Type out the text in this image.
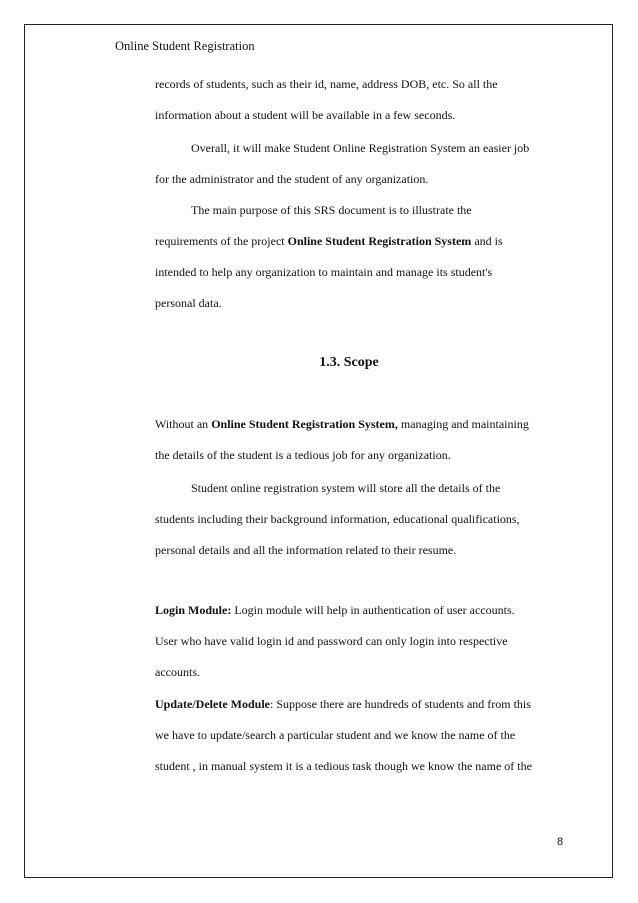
Online Student Registration
records of students, such as their id, name, address DOB, etc. So all the
information about a student will be available in a few seconds.
Overall, it will make Student Online Registration System an easier job
for the administrator and the student of any organization.
The main purpose of this SRS document is to illustrate the
requirements of the project Online Student Registration System and is
intended to help any organization to maintain and manage its student's
personal data.
1.3. Scope
Without an Online Student Registration System, managing and maintaining
the details of the student is a tedious job for any organization.
Student online registration system will store all the details of the
students including their background information, educational qualifications,
personal details and all the information related to their resume.
Login Module: Login module will help in authentication of user accounts.
User who have valid login id and password can only login into respective
accounts.
Update/Delete Module: Suppose there are hundreds of students and from this
we have to update/search a particular student and we know the name of the
student , in manual system it is a tedious task though we know the name of the
8
